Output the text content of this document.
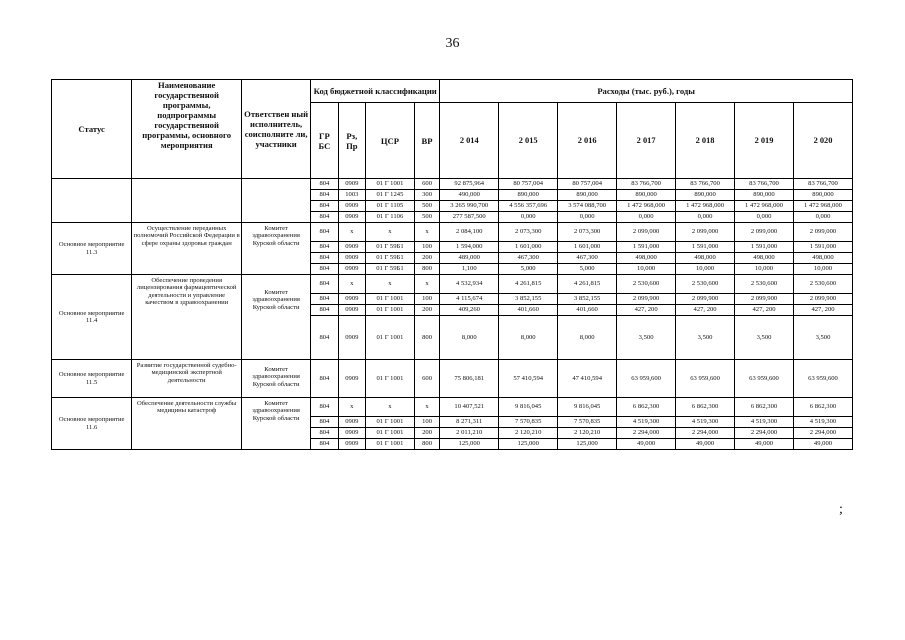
36
Статус	Наименование государственной программы, подпрограммы государственной программы, основного мероприятия	Ответствен ный исполнитель, соисполните ли, участники	Код бюджетной классификации				Расходы (тыс. руб.), годы						
			ГР БС	Рз, Пр	ЦСР	ВР	2 014	2 015	2 016	2 017	2 018	2 019	2 020
			804	0909	01 Г 1001	600	92 875,964	80 757,004	80 757,004	83 766,700	83 766,700	83 766,700	83 766,700
			804	1003	01 Г 1245	300	490,000	890,000	890,000	890,000	890,000	890,000	890,000
			804	0909	01 Г 1105	500	3 265 990,700	4 556 357,696	3 574 088,700	1 472 968,000	1 472 968,000	1 472 968,000	1 472 968,000
			804	0909	01 Г 1106	500	277 587,500	0,000	0,000	0,000	0,000	0,000	0,000
Основное мероприятие 11.3	Осуществление переданных полномочий Российской Федерации в сфере охраны здоровья граждан	Комитет здравоохранения Курской области	804	x	x	x	2 084,100	2 073,300	2 073,300	2 099,000	2 099,000	2 099,000	2 099,000
			804	0909	01 Г 59Б1	100	1 594,000	1 601,000	1 601,000	1 591,000	1 591,000	1 591,000	1 591,000
			804	0909	01 Г 59Б1	200	489,000	467,300	467,300	498,000	498,000	498,000	498,000
			804	0909	01 Г 59Б1	800	1,100	5,000	5,000	10,000	10,000	10,000	10,000
Основное мероприятие 11.4	Обеспечение проведения лицензирования фармацевтической деятельности и управление качеством в здравоохранении	Комитет здравоохранения Курской области	804	x	x	x	4 532,934	4 261,815	4 261,815	2 530,600	2 530,600	2 530,600	2 530,600
			804	0909	01 Г 1001	100	4 115,674	3 852,155	3 852,155	2 099,900	2 099,900	2 099,900	2 099,900
			804	0909	01 Г 1001	200	409,260	401,660	401,660	427, 200	427, 200	427, 200	427, 200
			804	0909	01 Г 1001	800	8,000	8,000	8,000	3,500	3,500	3,500	3,500
Основное мероприятие 11.5	Развитие государственной судебно-медицинской экспертной деятельности	Комитет здравоохранения Курской области	804	0909	01 Г 1001	600	75 806,181	57 410,594	47 410,594	63 959,600	63 959,600	63 959,600	63 959,600
Основное мероприятие 11.6	Обеспечение деятельности службы медицины катастроф	Комитет здравоохранения Курской области	804	x	x	x	10 407,521	9 816,045	9 816,045	6 862,300	6 862,300	6 862,300	6 862,300
			804	0909	01 Г 1001	100	8 271,311	7 570,835	7 570,835	4 519,300	4 519,300	4 519,300	4 519,300
			804	0909	01 Г 1001	200	2 011,210	2 120,210	2 120,210	2 294,000	2 294,000	2 294,000	2 294,000
			804	0909	01 Г 1001	800	125,000	125,000	125,000	49,000	49,000	49,000	49,000
;
